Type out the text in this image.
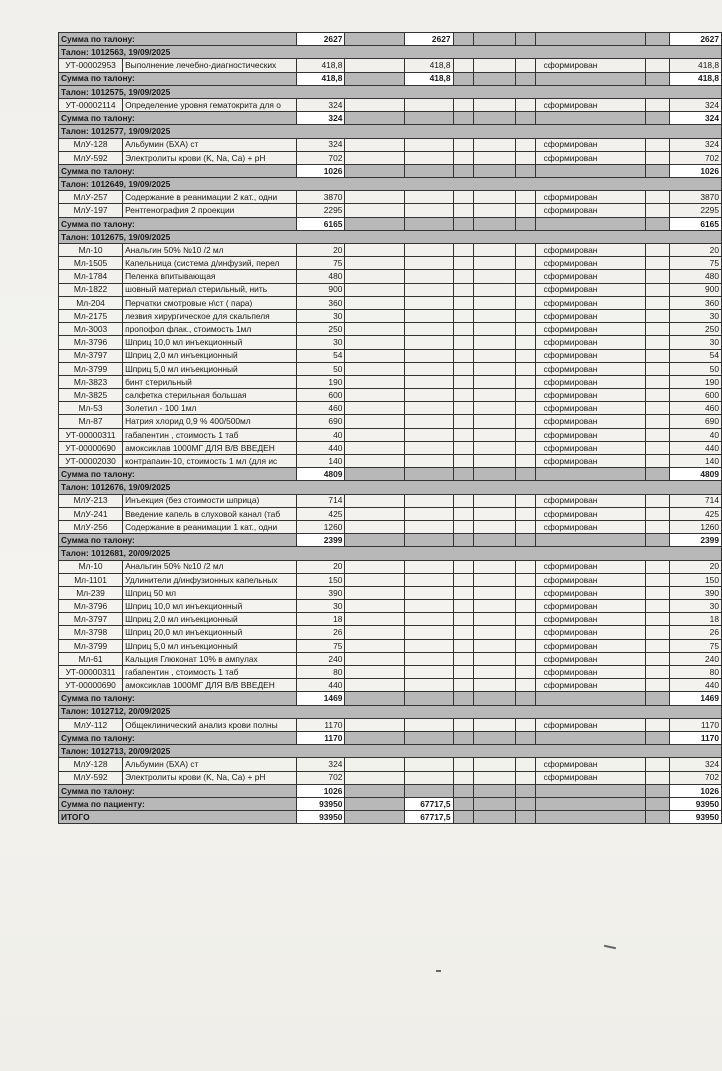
Сумма по талону:		2627		2627						2627
Талон: 1012563, 19/09/2025										
УТ-00002953	Выполнение лечебно-диагностических	418,8		418,8				сформирован		418,8
Сумма по талону:		418,8		418,8						418,8
Талон: 1012575, 19/09/2025										
УТ-00002114	Определение уровня гематокрита для о	324						сформирован		324
Сумма по талону:		324								324
Талон: 1012577, 19/09/2025										
МлУ-128	Альбумин (БХА) ст	324						сформирован		324
МлУ-592	Электролиты крови (K, Na, Ca) + pH	702						сформирован		702
Сумма по талону:		1026								1026
Талон: 1012649, 19/09/2025										
МлУ-257	Содержание в реанимации 2 кат., одни	3870						сформирован		3870
МлУ-197	Рентгенография 2 проекции	2295						сформирован		2295
Сумма по талону:		6165								6165
Талон: 1012675, 19/09/2025										
Мл-10	Анальгин 50% №10 /2 мл	20						сформирован		20
Мл-1505	Капельница (система д/инфузий, перел	75						сформирован		75
Мл-1784	Пеленка впитывающая	480						сформирован		480
Мл-1822	шовный материал стерильный, нить	900						сформирован		900
Мл-204	Перчатки смотровые н\ст ( пара)	360						сформирован		360
Мл-2175	лезвия хирургическое для скальпеля	30						сформирован		30
Мл-3003	пропофол флак., стоимость 1мл	250						сформирован		250
Мл-3796	Шприц 10,0 мл инъекционный	30						сформирован		30
Мл-3797	Шприц 2,0 мл инъекционный	54						сформирован		54
Мл-3799	Шприц 5,0 мл инъекционный	50						сформирован		50
Мл-3823	бинт стерильный	190						сформирован		190
Мл-3825	салфетка стерильная большая	600						сформирован		600
Мл-53	Золетил - 100 1мл	460						сформирован		460
Мл-87	Натрия хлорид 0,9 % 400/500мл	690						сформирован		690
УТ-00000311	габапентин , стоимость 1 таб	40						сформирован		40
УТ-00000690	амоксиклав 1000МГ ДЛЯ В/В ВВЕДЕН	440						сформирован		440
УТ-00002030	контрапаин-10, стоимость 1 мл (для ис	140						сформирован		140
Сумма по талону:		4809								4809
Талон: 1012676, 19/09/2025										
МлУ-213	Инъекция (без стоимости шприца)	714						сформирован		714
МлУ-241	Введение капель в слуховой канал (таб	425						сформирован		425
МлУ-256	Содержание в реанимации 1 кат., одни	1260						сформирован		1260
Сумма по талону:		2399								2399
Талон: 1012681, 20/09/2025										
Мл-10	Анальгин 50% №10 /2 мл	20						сформирован		20
Мл-1101	Удлинители д/инфузионных капельных	150						сформирован		150
Мл-239	Шприц 50 мл	390						сформирован		390
Мл-3796	Шприц 10,0 мл инъекционный	30						сформирован		30
Мл-3797	Шприц 2,0 мл инъекционный	18						сформирован		18
Мл-3798	Шприц 20,0 мл инъекционный	26						сформирован		26
Мл-3799	Шприц 5,0 мл инъекционный	75						сформирован		75
Мл-61	Кальция Глюконат 10% в ампулах	240						сформирован		240
УТ-00000311	габапентин , стоимость 1 таб	80						сформирован		80
УТ-00000690	амоксиклав 1000МГ ДЛЯ В/В ВВЕДЕН	440						сформирован		440
Сумма по талону:		1469								1469
Талон: 1012712, 20/09/2025										
МлУ-112	Общеклинический анализ крови полны	1170						сформирован		1170
Сумма по талону:		1170								1170
Талон: 1012713, 20/09/2025										
МлУ-128	Альбумин (БХА) ст	324						сформирован		324
МлУ-592	Электролиты крови (K, Na, Ca) + pH	702						сформирован		702
Сумма по талону:		1026								1026
Сумма по пациенту:		93950		67717,5						93950
ИТОГО		93950		67717,5						93950
